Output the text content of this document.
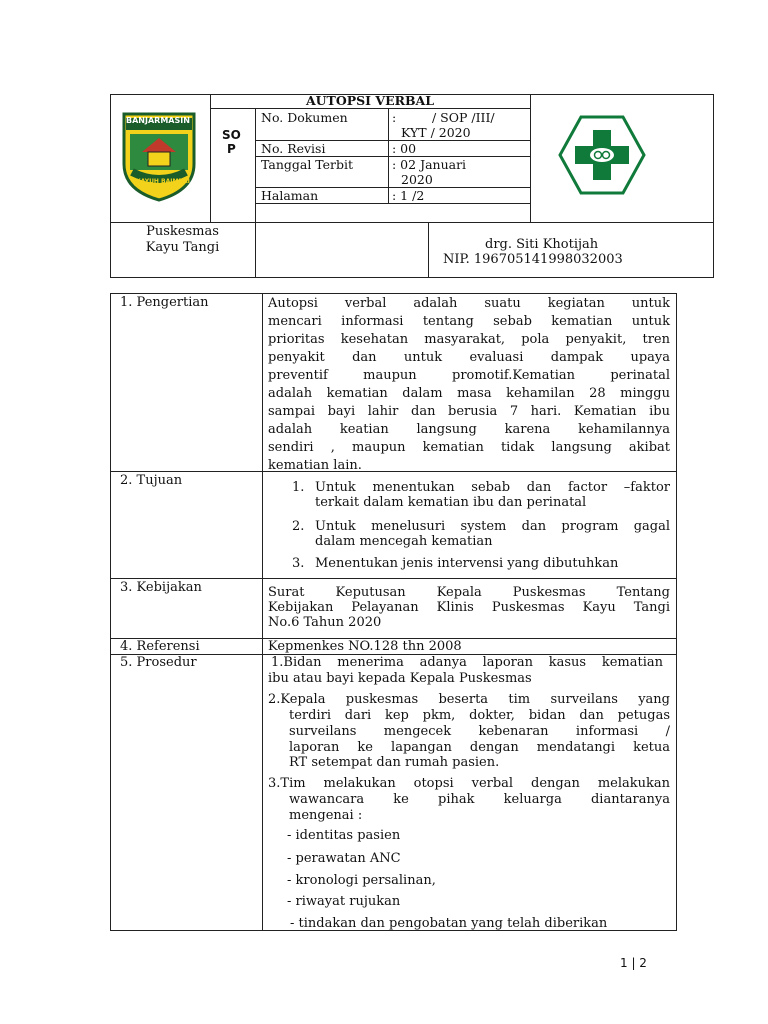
BANJARMASIN
KAYUH BAIMBAI
AUTOPSI VERBAL
SO
P
No. Dokumen	:	/ SOP /III/
KYT / 2020
No. Revisi	: 00
Tanggal Terbit	: 02 Januari
2020
Halaman	: 1 /2
Puskesmas
Kayu Tangi	drg. Siti Khotijah
NIP. 196705141998032003
1. Pengertian	Autopsi verbal adalah suatu kegiatan untuk
mencari informasi tentang sebab kematian untuk
prioritas kesehatan masyarakat, pola penyakit, tren
penyakit dan untuk evaluasi dampak upaya
preventif maupun promotif.Kematian perinatal
adalah kematian dalam masa kehamilan 28 minggu
sampai bayi lahir dan berusia 7 hari. Kematian ibu
adalah keatian langsung karena kehamilannya
sendiri , maupun kematian tidak langsung akibat
kematian lain.
2. Tujuan	1. Untuk menentukan sebab dan factor –faktor
terkait dalam kematian ibu dan perinatal
2. Untuk menelusuri system dan program gagal
dalam mencegah kematian
3. Menentukan jenis intervensi yang dibutuhkan
3. Kebijakan	Surat Keputusan Kepala Puskesmas Tentang
Kebijakan Pelayanan Klinis Puskesmas Kayu Tangi
No.6 Tahun 2020
4. Referensi	Kepmenkes NO.128 thn 2008
5. Prosedur	1.Bidan menerima adanya laporan kasus kematian
ibu atau bayi kepada Kepala Puskesmas
2.Kepala puskesmas beserta tim surveilans yang
terdiri dari kep pkm, dokter, bidan dan petugas
surveilans mengecek kebenaran informasi /
laporan ke lapangan dengan mendatangi ketua
RT setempat dan rumah pasien.
3.Tim melakukan otopsi verbal dengan melakukan
wawancara ke pihak keluarga diantaranya
mengenai :
- identitas pasien
- perawatan ANC
- kronologi persalinan,
- riwayat rujukan
- tindakan dan pengobatan yang telah diberikan
1 | 2
